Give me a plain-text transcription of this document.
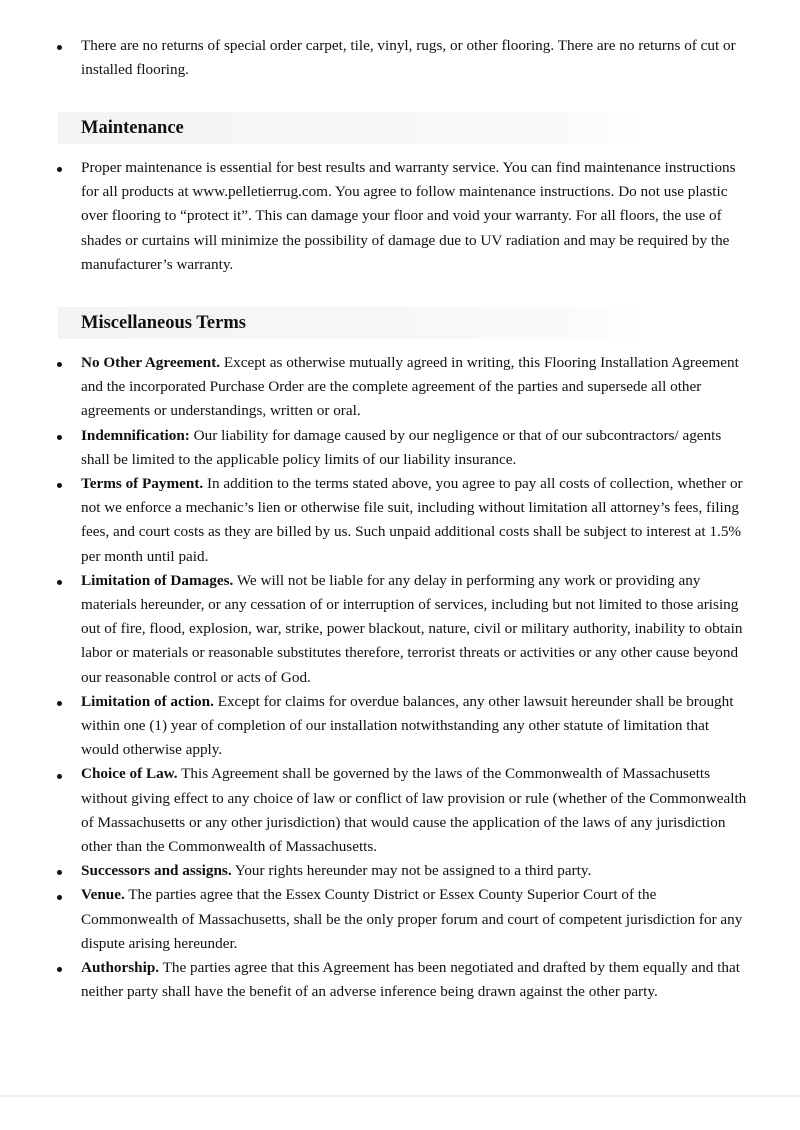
There are no returns of special order carpet, tile, vinyl, rugs, or other flooring. There are no returns of cut or installed flooring.
Maintenance
Proper maintenance is essential for best results and warranty service. You can find maintenance instructions for all products at www.pelletierrug.com. You agree to follow maintenance instructions. Do not use plastic over flooring to “protect it”. This can damage your floor and void your warranty. For all floors, the use of shades or curtains will minimize the possibility of damage due to UV radiation and may be required by the manufacturer’s warranty.
Miscellaneous Terms
No Other Agreement. Except as otherwise mutually agreed in writing, this Flooring Installation Agreement and the incorporated Purchase Order are the complete agreement of the parties and supersede all other agreements or understandings, written or oral.
Indemnification: Our liability for damage caused by our negligence or that of our subcontractors/ agents shall be limited to the applicable policy limits of our liability insurance.
Terms of Payment. In addition to the terms stated above, you agree to pay all costs of collection, whether or not we enforce a mechanic’s lien or otherwise file suit, including without limitation all attorney’s fees, filing fees, and court costs as they are billed by us. Such unpaid additional costs shall be subject to interest at 1.5% per month until paid.
Limitation of Damages. We will not be liable for any delay in performing any work or providing any materials hereunder, or any cessation of or interruption of services, including but not limited to those arising out of fire, flood, explosion, war, strike, power blackout, nature, civil or military authority, inability to obtain labor or materials or reasonable substitutes therefore, terrorist threats or activities or any other cause beyond our reasonable control or acts of God.
Limitation of action. Except for claims for overdue balances, any other lawsuit hereunder shall be brought within one (1) year of completion of our installation notwithstanding any other statute of limitation that would otherwise apply.
Choice of Law. This Agreement shall be governed by the laws of the Commonwealth of Massachusetts without giving effect to any choice of law or conflict of law provision or rule (whether of the Commonwealth of Massachusetts or any other jurisdiction) that would cause the application of the laws of any jurisdiction other than the Commonwealth of Massachusetts.
Successors and assigns. Your rights hereunder may not be assigned to a third party.
Venue. The parties agree that the Essex County District or Essex County Superior Court of the Commonwealth of Massachusetts, shall be the only proper forum and court of competent jurisdiction for any dispute arising hereunder.
Authorship. The parties agree that this Agreement has been negotiated and drafted by them equally and that neither party shall have the benefit of an adverse inference being drawn against the other party.
